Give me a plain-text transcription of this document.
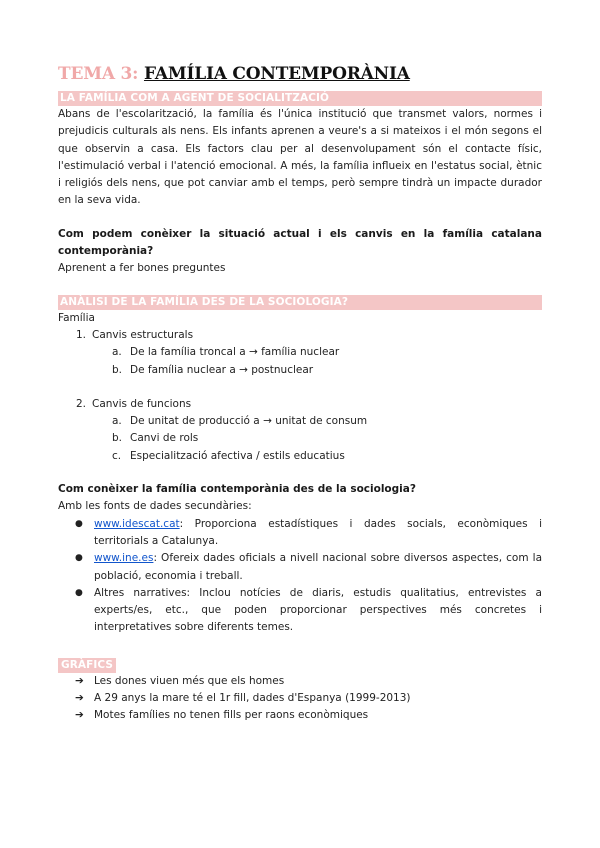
TEMA 3: FAMÍLIA CONTEMPORÀNIA
LA FAMÍLIA COM A AGENT DE SOCIALITZACIÓ

Abans de l'escolarització, la família és l'única institució que transmet valors, normes i prejudicis culturals als nens. Els infants aprenen a veure's a si mateixos i el món segons el que observin a casa. Els factors clau per al desenvolupament són el contacte físic, l'estimulació verbal i l'atenció emocional. A més, la família influeix en l'estatus social, ètnic i religiós dels nens, que pot canviar amb el temps, però sempre tindrà un impacte durador en la seva vida.

Com podem conèixer la situació actual i els canvis en la família catalana contemporània?

Aprenent a fer bones preguntes

ANÀLISI DE LA FAMÍLIA DES DE LA SOCIOLOGIA?

Família

1. Canvis estructurals
a. De la família troncal a → família nuclear
b. De família nuclear a → postnuclear
2. Canvis de funcions
a. De unitat de producció a → unitat de consum
b. Canvi de rols
c. Especialització afectiva / estils educatius

Com conèixer la família contemporània des de la sociologia?

Amb les fonts de dades secundàries:

● www.idescat.cat: Proporciona estadístiques i dades socials, econòmiques i territorials a Catalunya.
● www.ine.es: Ofereix dades oficials a nivell nacional sobre diversos aspectes, com la població, economia i treball.
● Altres narratives: Inclou notícies de diaris, estudis qualitatius, entrevistes a experts/es, etc., que poden proporcionar perspectives més concretes i interpretatives sobre diferents temes.
GRÀFICS
➔ Les dones viuen més que els homes
➔ A 29 anys la mare té el 1r fill, dades d'Espanya (1999-2013)
➔ Motes famílies no tenen fills per raons econòmiques
